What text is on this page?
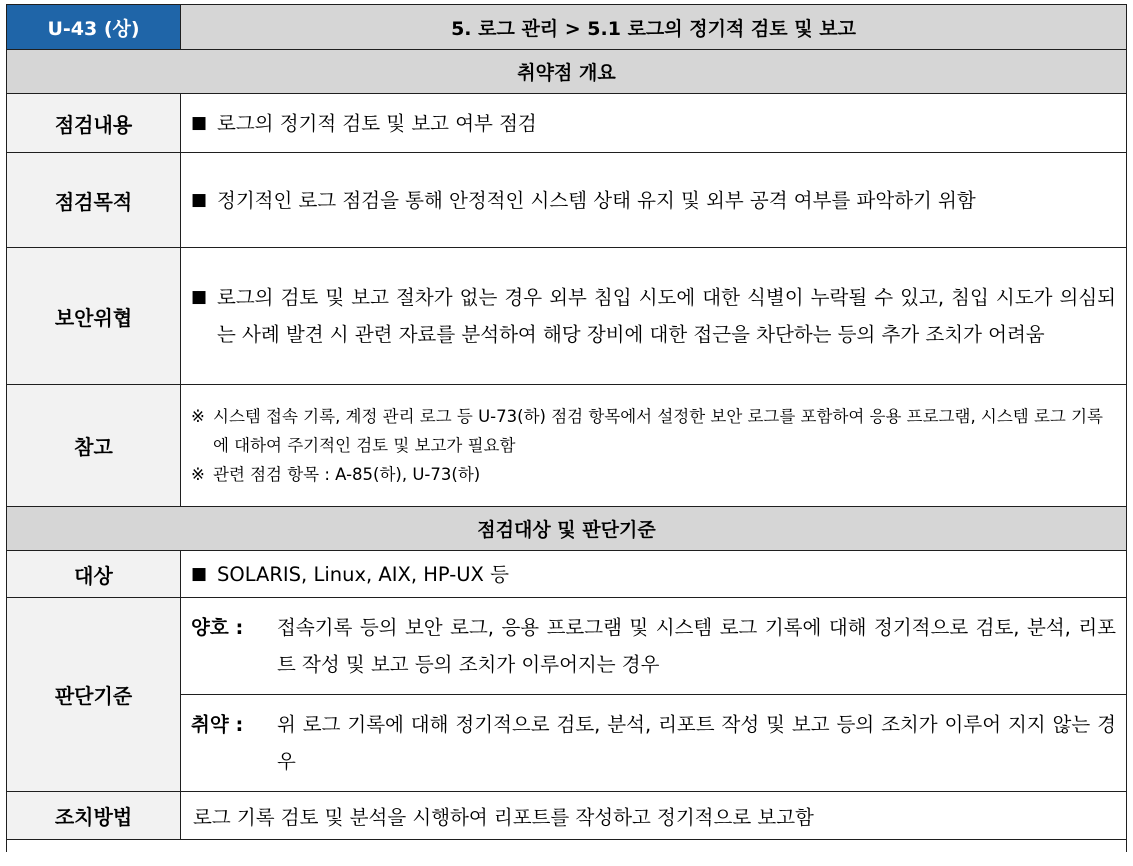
U-43 (상)	5. 로그 관리 > 5.1 로그의 정기적 검토 및 보고
취약점 개요	
점검내용	■ 로그의 정기적 검토 및 보고 여부 점검

점검목적	■ 정기적인 로그 점검을 통해 안정적인 시스템 상태 유지 및 외부 공격 여부를 파악하기 위함

보안위협	■ 로그의 검토 및 보고 절차가 없는 경우 외부 침입 시도에 대한 식별이 누락될 수 있고, 침입 시도가 의심되는 사례 발견 시 관련 자료를 분석하여 해당 장비에 대한 접근을 차단하는 등의 추가 조치가 어려움

참고	※ 시스템 접속 기록, 계정 관리 로그 등 U-73(하) 점검 항목에서 설정한 보안 로그를 포함하여 응용 프로그램, 시스템 로그 기록에 대하여 주기적인 검토 및 보고가 필요함
※ 관련 점검 항목 : A-85(하), U-73(하)

점검대상 및 판단기준	
대상	■ SOLARIS, Linux, AIX, HP-UX 등

판단기준	양호 : 접속기록 등의 보안 로그, 응용 프로그램 및 시스템 로그 기록에 대해 정기적으로 검토, 분석, 리포트 작성 및 보고 등의 조치가 이루어지는 경우

	취약 : 위 로그 기록에 대해 정기적으로 검토, 분석, 리포트 작성 및 보고 등의 조치가 이루어 지지 않는 경우

조치방법	로그 기록 검토 및 분석을 시행하여 리포트를 작성하고 정기적으로 보고함
